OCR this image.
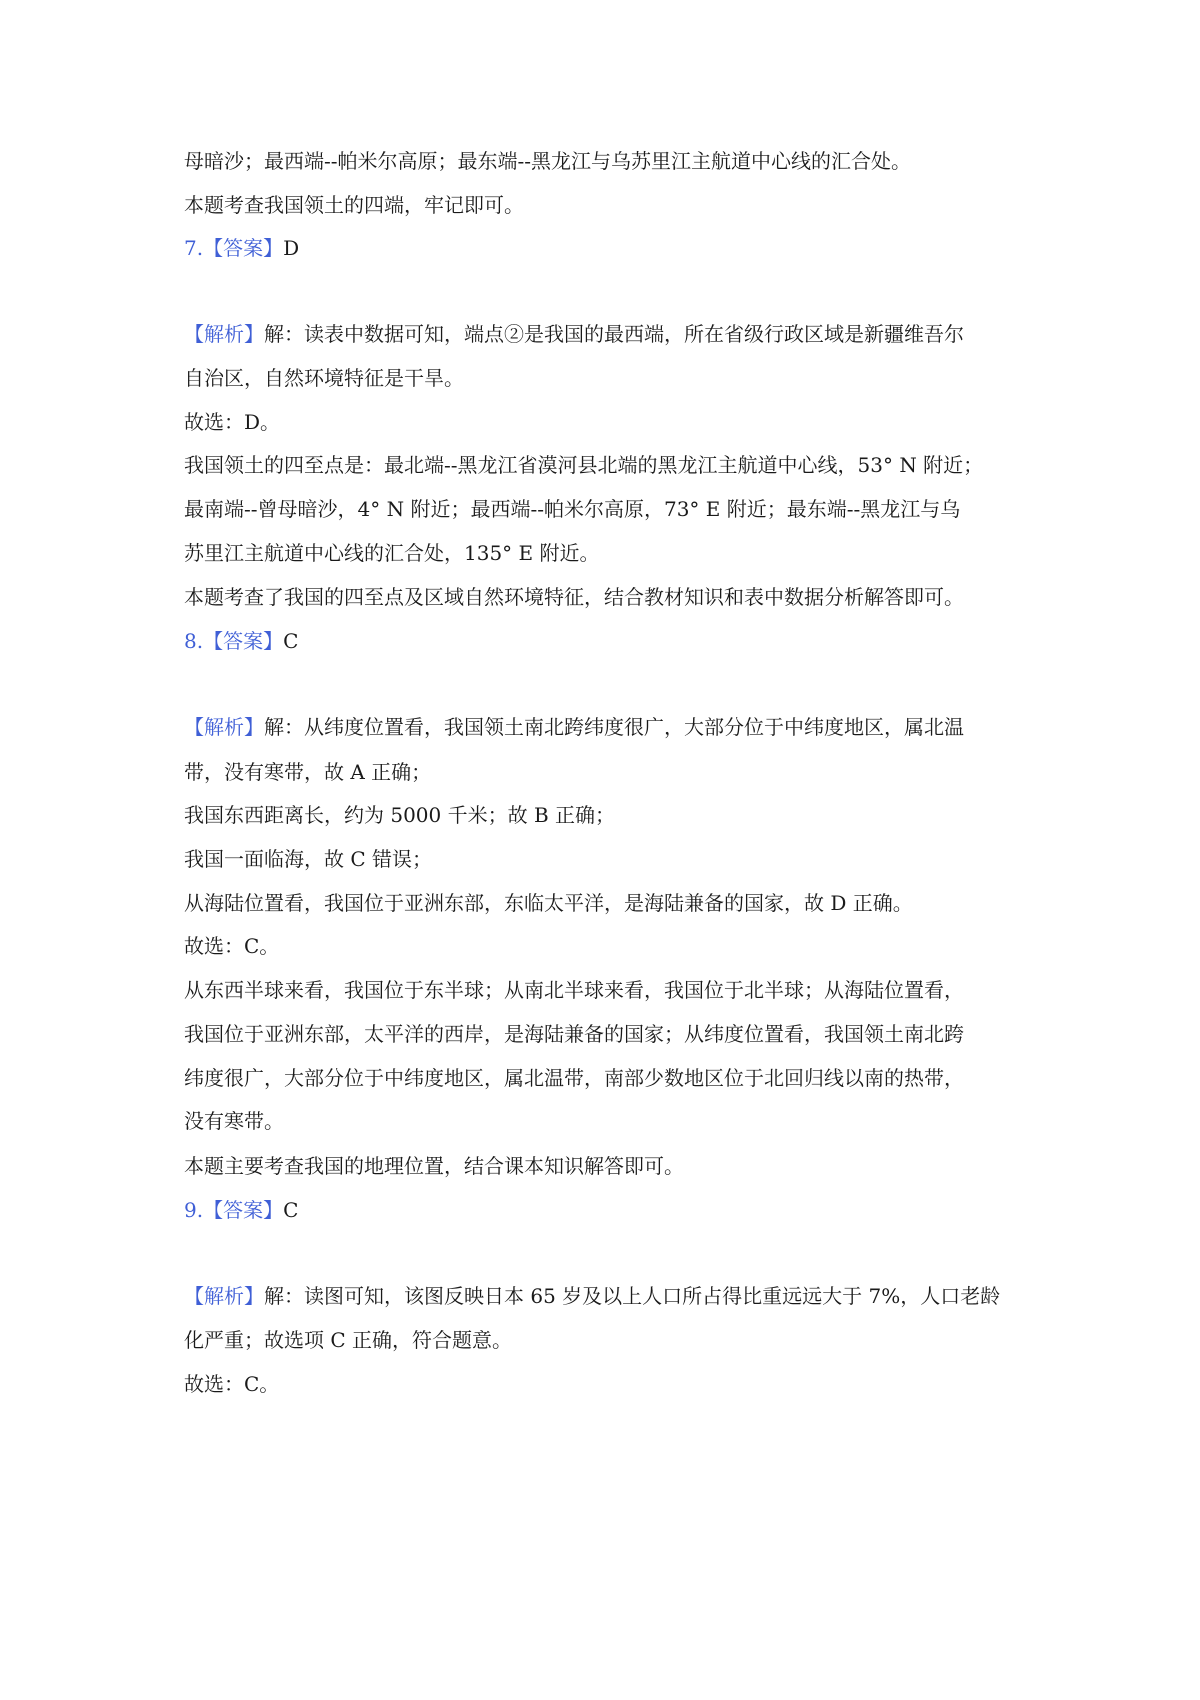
母暗沙；最西端--帕米尔高原；最东端--黑龙江与乌苏里江主航道中心线的汇合处。
本题考查我国领土的四端，牢记即可。
7.【答案】D
【解析】解：读表中数据可知，端点②是我国的最西端，所在省级行政区域是新疆维吾尔
自治区，自然环境特征是干旱。
故选：D。
我国领土的四至点是：最北端--黑龙江省漠河县北端的黑龙江主航道中心线，53° N 附近；
最南端--曾母暗沙，4° N 附近；最西端--帕米尔高原，73° E 附近；最东端--黑龙江与乌
苏里江主航道中心线的汇合处，135° E 附近。
本题考查了我国的四至点及区域自然环境特征，结合教材知识和表中数据分析解答即可。
8.【答案】C
【解析】解：从纬度位置看，我国领土南北跨纬度很广，大部分位于中纬度地区，属北温
带，没有寒带，故 A 正确；
我国东西距离长，约为 5000 千米；故 B 正确；
我国一面临海，故 C 错误；
从海陆位置看，我国位于亚洲东部，东临太平洋，是海陆兼备的国家，故 D 正确。
故选：C。
从东西半球来看，我国位于东半球；从南北半球来看，我国位于北半球；从海陆位置看，
我国位于亚洲东部，太平洋的西岸，是海陆兼备的国家；从纬度位置看，我国领土南北跨
纬度很广，大部分位于中纬度地区，属北温带，南部少数地区位于北回归线以南的热带，
没有寒带。
本题主要考查我国的地理位置，结合课本知识解答即可。
9.【答案】C
【解析】解：读图可知，该图反映日本 65 岁及以上人口所占得比重远远大于 7%，人口老龄
化严重；故选项 C 正确，符合题意。
故选：C。
